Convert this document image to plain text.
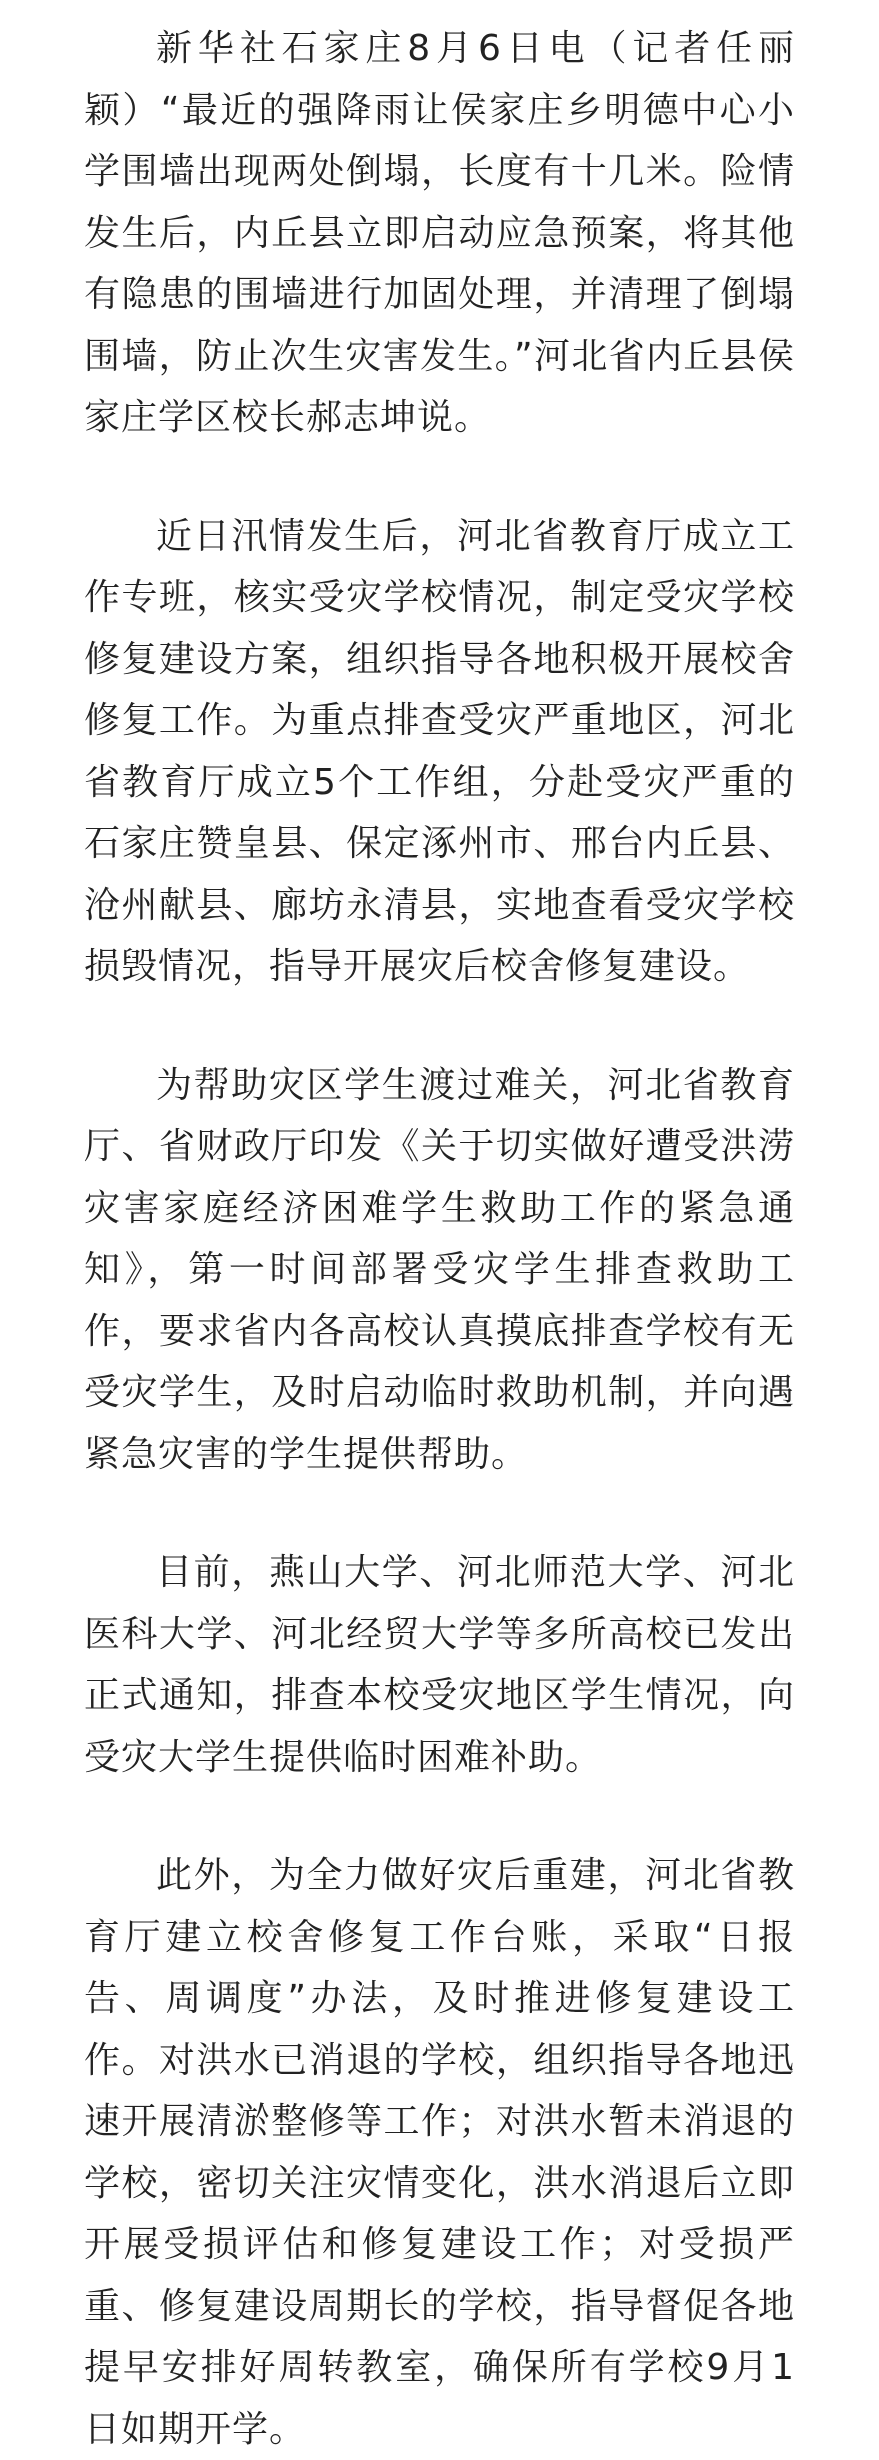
新华社石家庄8月6日电（记者任丽颖）“最近的强降雨让侯家庄乡明德中心小学围墙出现两处倒塌，长度有十几米。险情发生后，内丘县立即启动应急预案，将其他有隐患的围墙进行加固处理，并清理了倒塌围墙，防止次生灾害发生。”河北省内丘县侯家庄学区校长郝志坤说。

近日汛情发生后，河北省教育厅成立工作专班，核实受灾学校情况，制定受灾学校修复建设方案，组织指导各地积极开展校舍修复工作。为重点排查受灾严重地区，河北省教育厅成立5个工作组，分赴受灾严重的石家庄赞皇县、保定涿州市、邢台内丘县、沧州献县、廊坊永清县，实地查看受灾学校损毁情况，指导开展灾后校舍修复建设。

为帮助灾区学生渡过难关，河北省教育厅、省财政厅印发《关于切实做好遭受洪涝灾害家庭经济困难学生救助工作的紧急通知》，第一时间部署受灾学生排查救助工作，要求省内各高校认真摸底排查学校有无受灾学生，及时启动临时救助机制，并向遇紧急灾害的学生提供帮助。

目前，燕山大学、河北师范大学、河北医科大学、河北经贸大学等多所高校已发出正式通知，排查本校受灾地区学生情况，向受灾大学生提供临时困难补助。

此外，为全力做好灾后重建，河北省教育厅建立校舍修复工作台账，采取“日报告、周调度”办法，及时推进修复建设工作。对洪水已消退的学校，组织指导各地迅速开展清淤整修等工作；对洪水暂未消退的学校，密切关注灾情变化，洪水消退后立即开展受损评估和修复建设工作；对受损严重、修复建设周期长的学校，指导督促各地提早安排好周转教室，确保所有学校9月1日如期开学。
